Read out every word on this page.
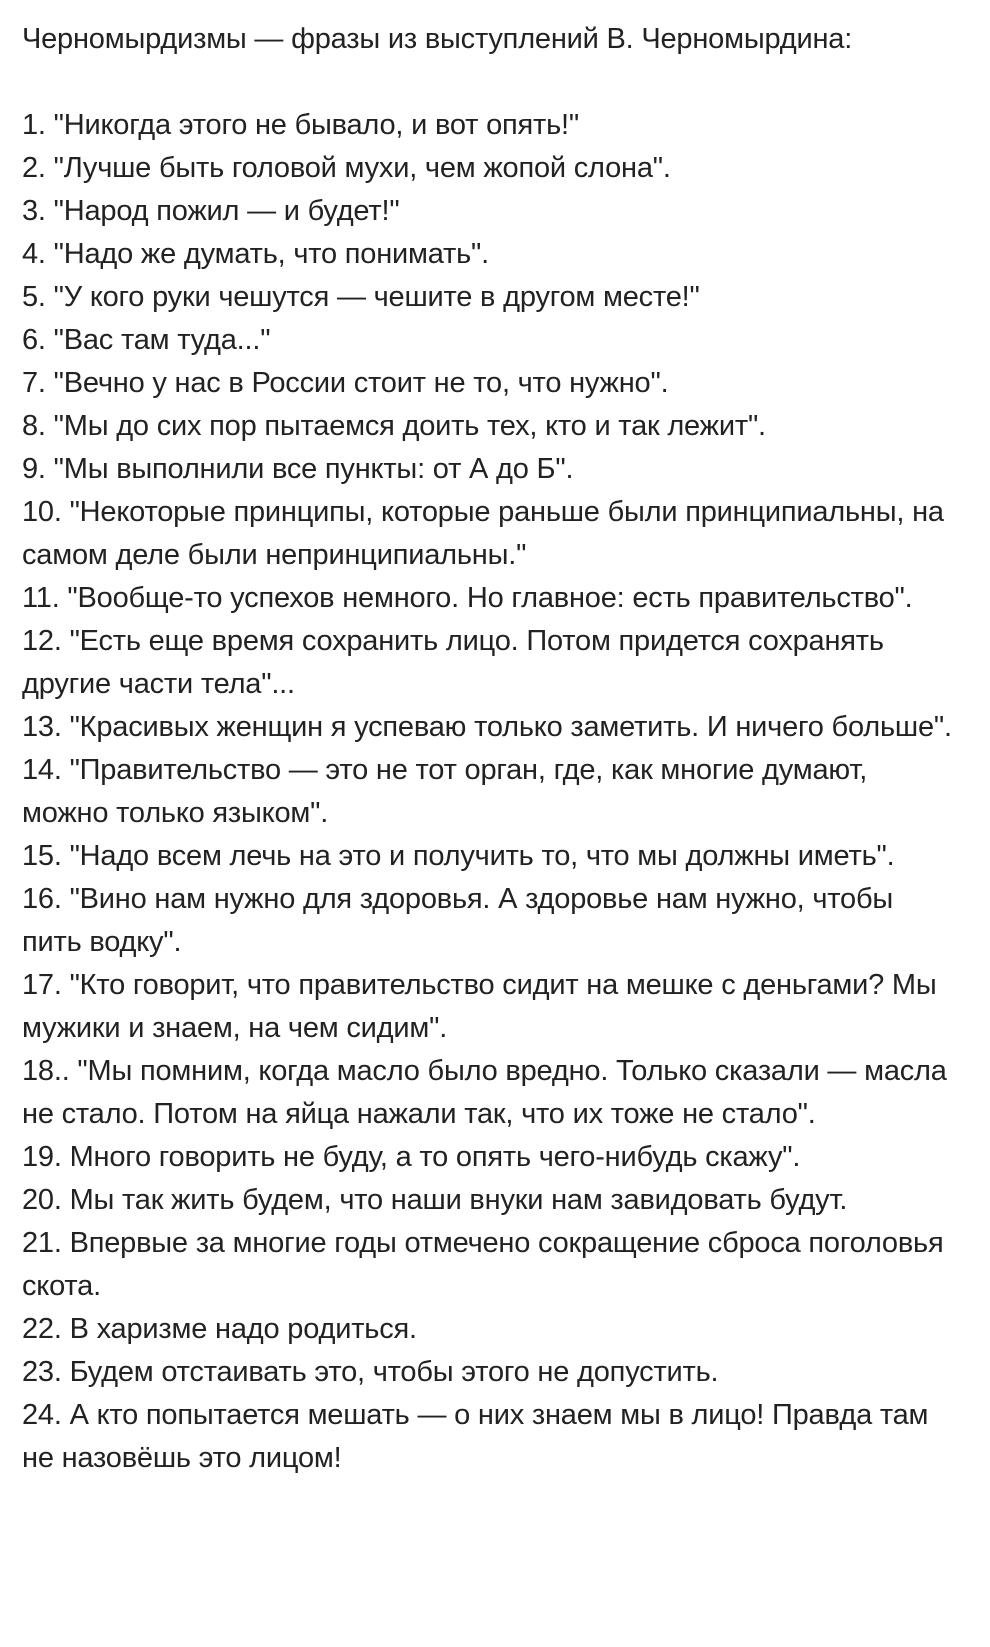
Черномырдизмы — фразы из выступлений В. Черномырдина:
1. "Никогда этого не бывало, и вот опять!"
2. "Лучше быть головой мухи, чем жопой слона".
3. "Народ пожил — и будет!"
4. "Надо же думать, что понимать".
5. "У кого руки чешутся — чешите в другом месте!"
6. "Вас там туда..."
7. "Вечно у нас в России стоит не то, что нужно".
8. "Мы до сих пор пытаемся доить тех, кто и так лежит".
9. "Мы выполнили все пункты: от А до Б".
10. "Некоторые принципы, которые раньше были принципиальны, на самом деле были непринципиальны."
11. "Вообще-то успехов немного. Но главное: есть правительство".
12. "Есть еще время сохранить лицо. Потом придется сохранять другие части тела"...
13. "Красивых женщин я успеваю только заметить. И ничего больше".
14. "Правительство — это не тот орган, где, как многие думают, можно только языком".
15. "Надо всем лечь на это и получить то, что мы должны иметь".
16. "Вино нам нужно для здоровья. А здоровье нам нужно, чтобы пить водку".
17. "Кто говорит, что правительство сидит на мешке с деньгами? Мы мужики и знаем, на чем сидим".
18.. "Мы помним, когда масло было вредно. Только сказали — масла не стало. Потом на яйца нажали так, что их тоже не стало".
19. Много говорить не буду, а то опять чего-нибудь скажу".
20. Мы так жить будем, что наши внуки нам завидовать будут.
21. Впервые за многие годы отмечено сокращение сброса поголовья скота.
22. В харизме надо родиться.
23. Будем отстаивать это, чтобы этого не допустить.
24. А кто попытается мешать — о них знаем мы в лицо! Правда там не назовёшь это лицом!
